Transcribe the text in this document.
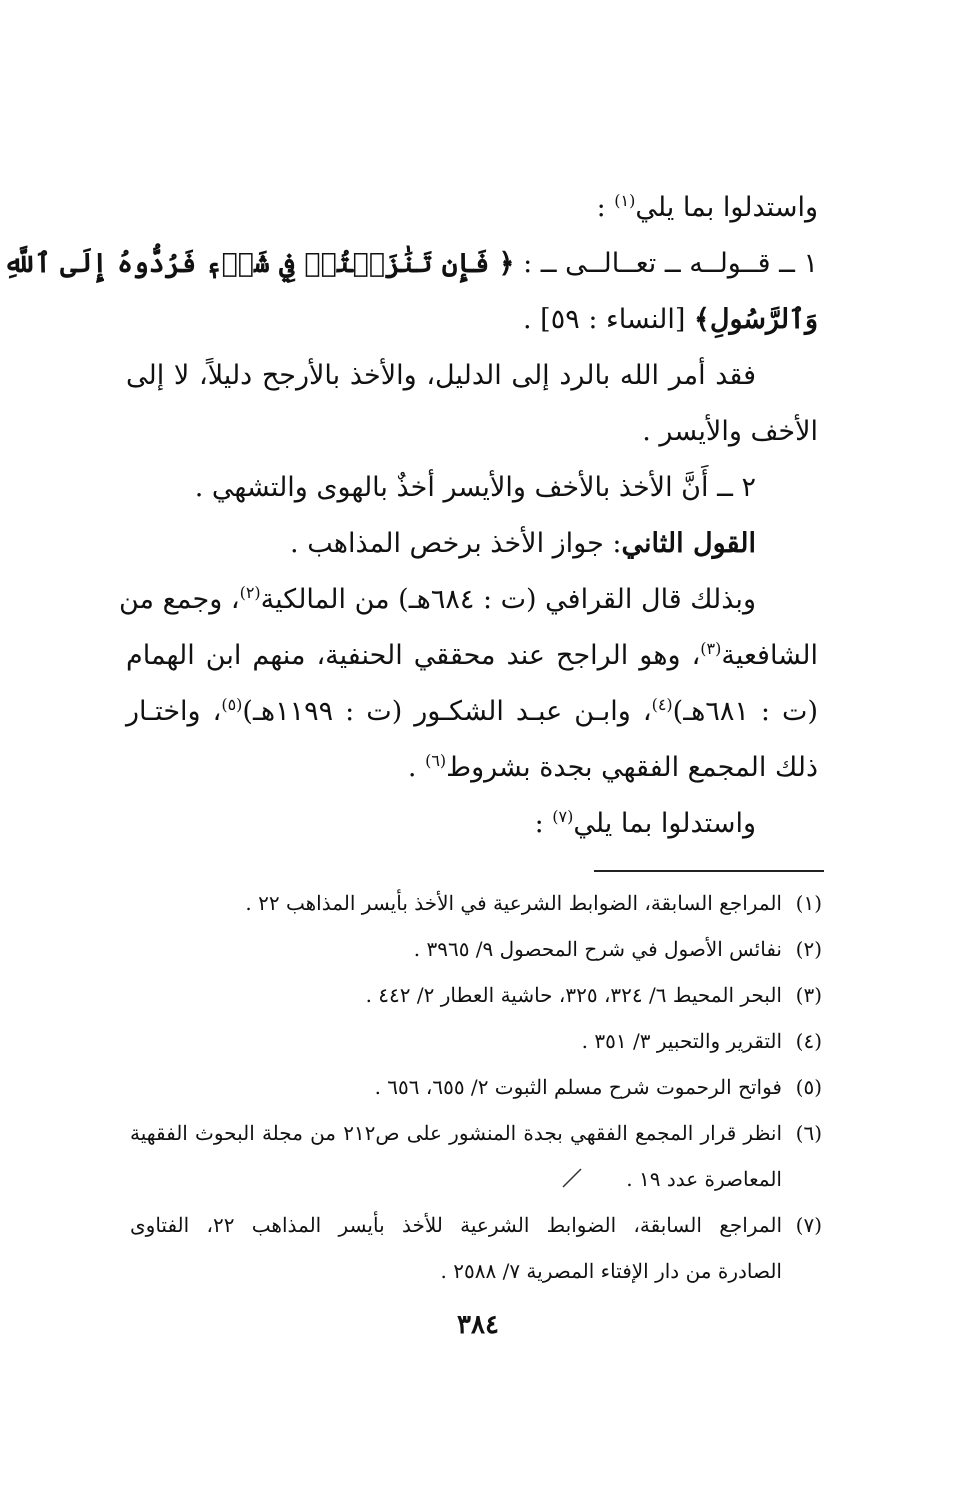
واستدلوا بما يلي$^{(١)}$ :
١ ــ قــولــه ــ تعــالــى ــ : ﴿ فَإِن تَنَٰزَعۡتُمۡ فِي شَيۡءٖ فَرُدُّوهُ إِلَى ٱللَّهِ
وَٱلرَّسُولِ﴾ [النساء : ٥٩] .
فقد أمر الله بالرد إلى الدليل، والأخذ بالأرجح دليلاً، لا إلى
الأخف والأيسر .
٢ ــ أَنَّ الأخذ بالأخف والأيسر أخذٌ بالهوى والتشهي .
القول الثاني: جواز الأخذ برخص المذاهب .
وبذلك قال القرافي (ت : ٦٨٤هـ) من المالكية$^{(٢)}$، وجمع من
الشافعية$^{(٣)}$، وهو الراجح عند محققي الحنفية، منهم ابن الهمام
(ت : ٦٨١هـ)$^{(٤)}$، وابـن عبـد الشكـور (ت : ١١٩٩هـ)$^{(٥)}$، واختـار
ذلك المجمع الفقهي بجدة بشروط$^{(٦)}$ .
واستدلوا بما يلي$^{(٧)}$ :
(١)
المراجع السابقة، الضوابط الشرعية في الأخذ بأيسر المذاهب ٢٢ .
(٢)
نفائس الأصول في شرح المحصول ٩/ ٣٩٦٥ .
(٣)
البحر المحيط ٦/ ٣٢٤، ٣٢٥، حاشية العطار ٢/ ٤٤٢ .
(٤)
التقرير والتحبير ٣/ ٣٥١ .
(٥)
فواتح الرحموت شرح مسلم الثبوت ٢/ ٦٥٥، ٦٥٦ .
(٦)
انظر قرار المجمع الفقهي بجدة المنشور على ص٢١٢ من مجلة البحوث الفقهية
المعاصرة عدد ١٩ .
(٧)
المراجع السابقة، الضوابط الشرعية للأخذ بأيسر المذاهب ٢٢، الفتاوى
الصادرة من دار الإفتاء المصرية ٧/ ٢٥٨٨ .
٣٨٤
